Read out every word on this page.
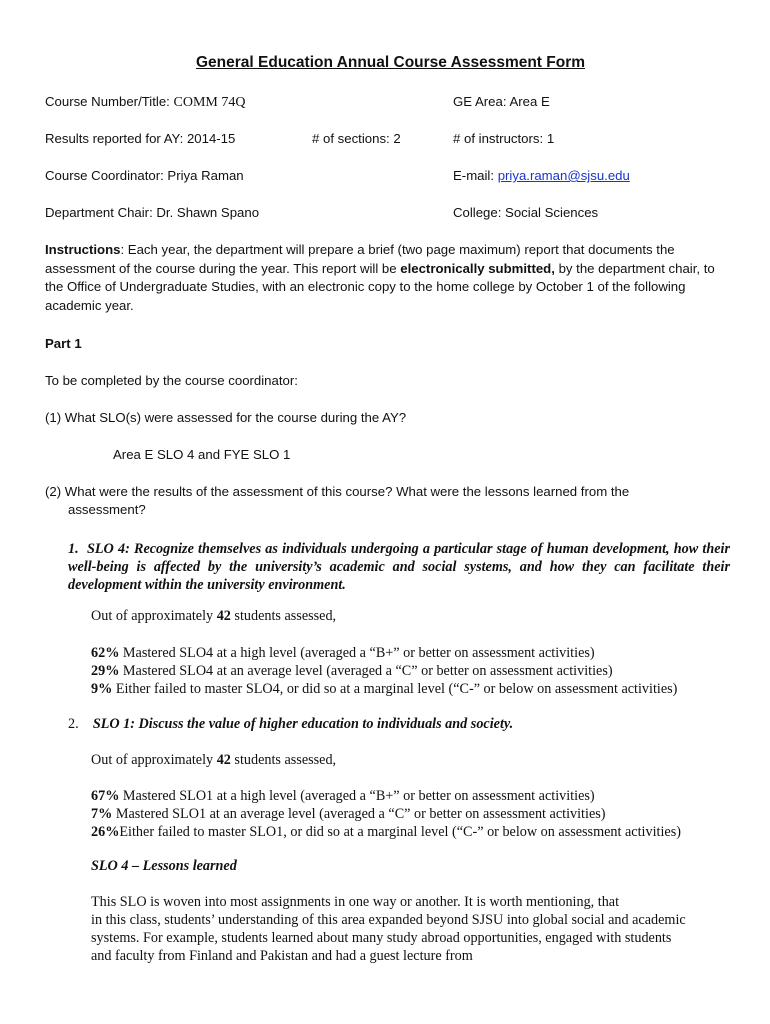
General Education Annual Course Assessment Form
Course Number/Title: COMM 74Q	GE Area: Area E
Results reported for AY: 2014-15	# of sections: 2	# of instructors: 1
Course Coordinator: Priya Raman	E-mail: priya.raman@sjsu.edu
Department Chair: Dr. Shawn Spano	College: Social Sciences
Instructions: Each year, the department will prepare a brief (two page maximum) report that documents the assessment of the course during the year. This report will be electronically submitted, by the department chair, to the Office of Undergraduate Studies, with an electronic copy to the home college by October 1 of the following academic year.
Part 1
To be completed by the course coordinator:
(1) What SLO(s) were assessed for the course during the AY?
Area E SLO 4 and FYE SLO 1
(2) What were the results of the assessment of this course? What were the lessons learned from the
assessment?
1. SLO 4: Recognize themselves as individuals undergoing a particular stage of human development, how their well-being is affected by the university’s academic and social systems, and how they can facilitate their development within the university environment.
Out of approximately 42 students assessed,
62% Mastered SLO4 at a high level (averaged a “B+” or better on assessment activities)
29% Mastered SLO4 at an average level (averaged a “C” or better on assessment activities)
9% Either failed to master SLO4, or did so at a marginal level (“C-” or below on assessment activities)
2. SLO 1: Discuss the value of higher education to individuals and society.
Out of approximately 42 students assessed,
67% Mastered SLO1 at a high level (averaged a “B+” or better on assessment activities)
7% Mastered SLO1 at an average level (averaged a “C” or better on assessment activities)
26%Either failed to master SLO1, or did so at a marginal level (“C-” or below on assessment activities)
SLO 4 – Lessons learned
This SLO is woven into most assignments in one way or another. It is worth mentioning, that
in this class, students’ understanding of this area expanded beyond SJSU into global social and academic
systems. For example, students learned about many study abroad opportunities, engaged with students
and faculty from Finland and Pakistan and had a guest lecture from
